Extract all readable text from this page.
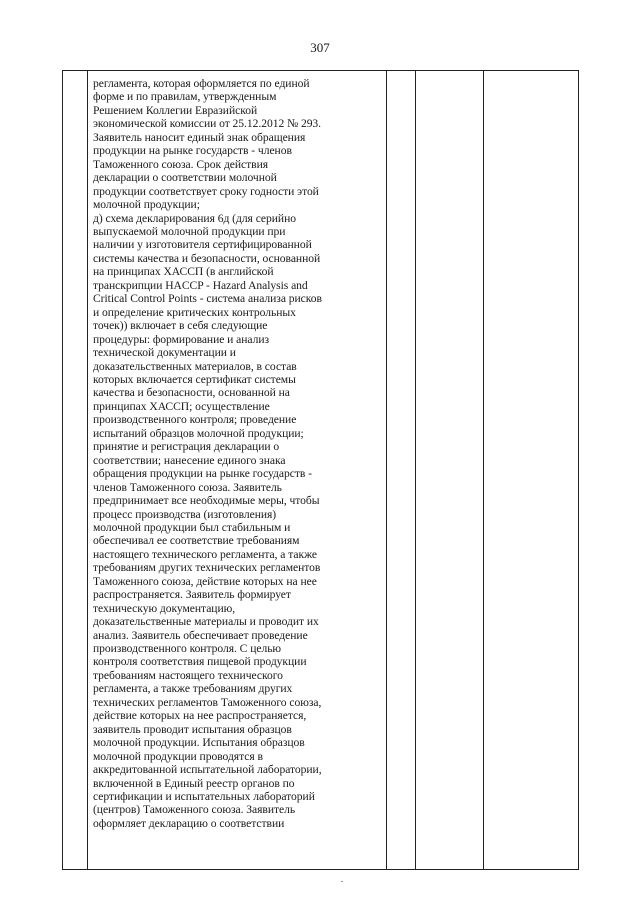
307
регламента, которая оформляется по единой
форме и по правилам, утвержденным
Решением Коллегии Евразийской
экономической комиссии от 25.12.2012 № 293.
Заявитель наносит единый знак обращения
продукции на рынке государств - членов
Таможенного союза. Срок действия
декларации о соответствии молочной
продукции соответствует сроку годности этой
молочной продукции;
д) схема декларирования 6д (для серийно
выпускаемой молочной продукции при
наличии у изготовителя сертифицированной
системы качества и безопасности, основанной
на принципах ХАССП (в английской
транскрипции HACCP - Hazard Analysis and
Critical Control Points - система анализа рисков
и определение критических контрольных
точек)) включает в себя следующие
процедуры: формирование и анализ
технической документации и
доказательственных материалов, в состав
которых включается сертификат системы
качества и безопасности, основанной на
принципах ХАССП; осуществление
производственного контроля; проведение
испытаний образцов молочной продукции;
принятие и регистрация декларации о
соответствии; нанесение единого знака
обращения продукции на рынке государств -
членов Таможенного союза. Заявитель
предпринимает все необходимые меры, чтобы
процесс производства (изготовления)
молочной продукции был стабильным и
обеспечивал ее соответствие требованиям
настоящего технического регламента, а также
требованиям других технических регламентов
Таможенного союза, действие которых на нее
распространяется. Заявитель формирует
техническую документацию,
доказательственные материалы и проводит их
анализ. Заявитель обеспечивает проведение
производственного контроля. С целью
контроля соответствия пищевой продукции
требованиям настоящего технического
регламента, а также требованиям других
технических регламентов Таможенного союза,
действие которых на нее распространяется,
заявитель проводит испытания образцов
молочной продукции. Испытания образцов
молочной продукции проводятся в
аккредитованной испытательной лаборатории,
включенной в Единый реестр органов по
сертификации и испытательных лабораторий
(центров) Таможенного союза. Заявитель
оформляет декларацию о соответствии
